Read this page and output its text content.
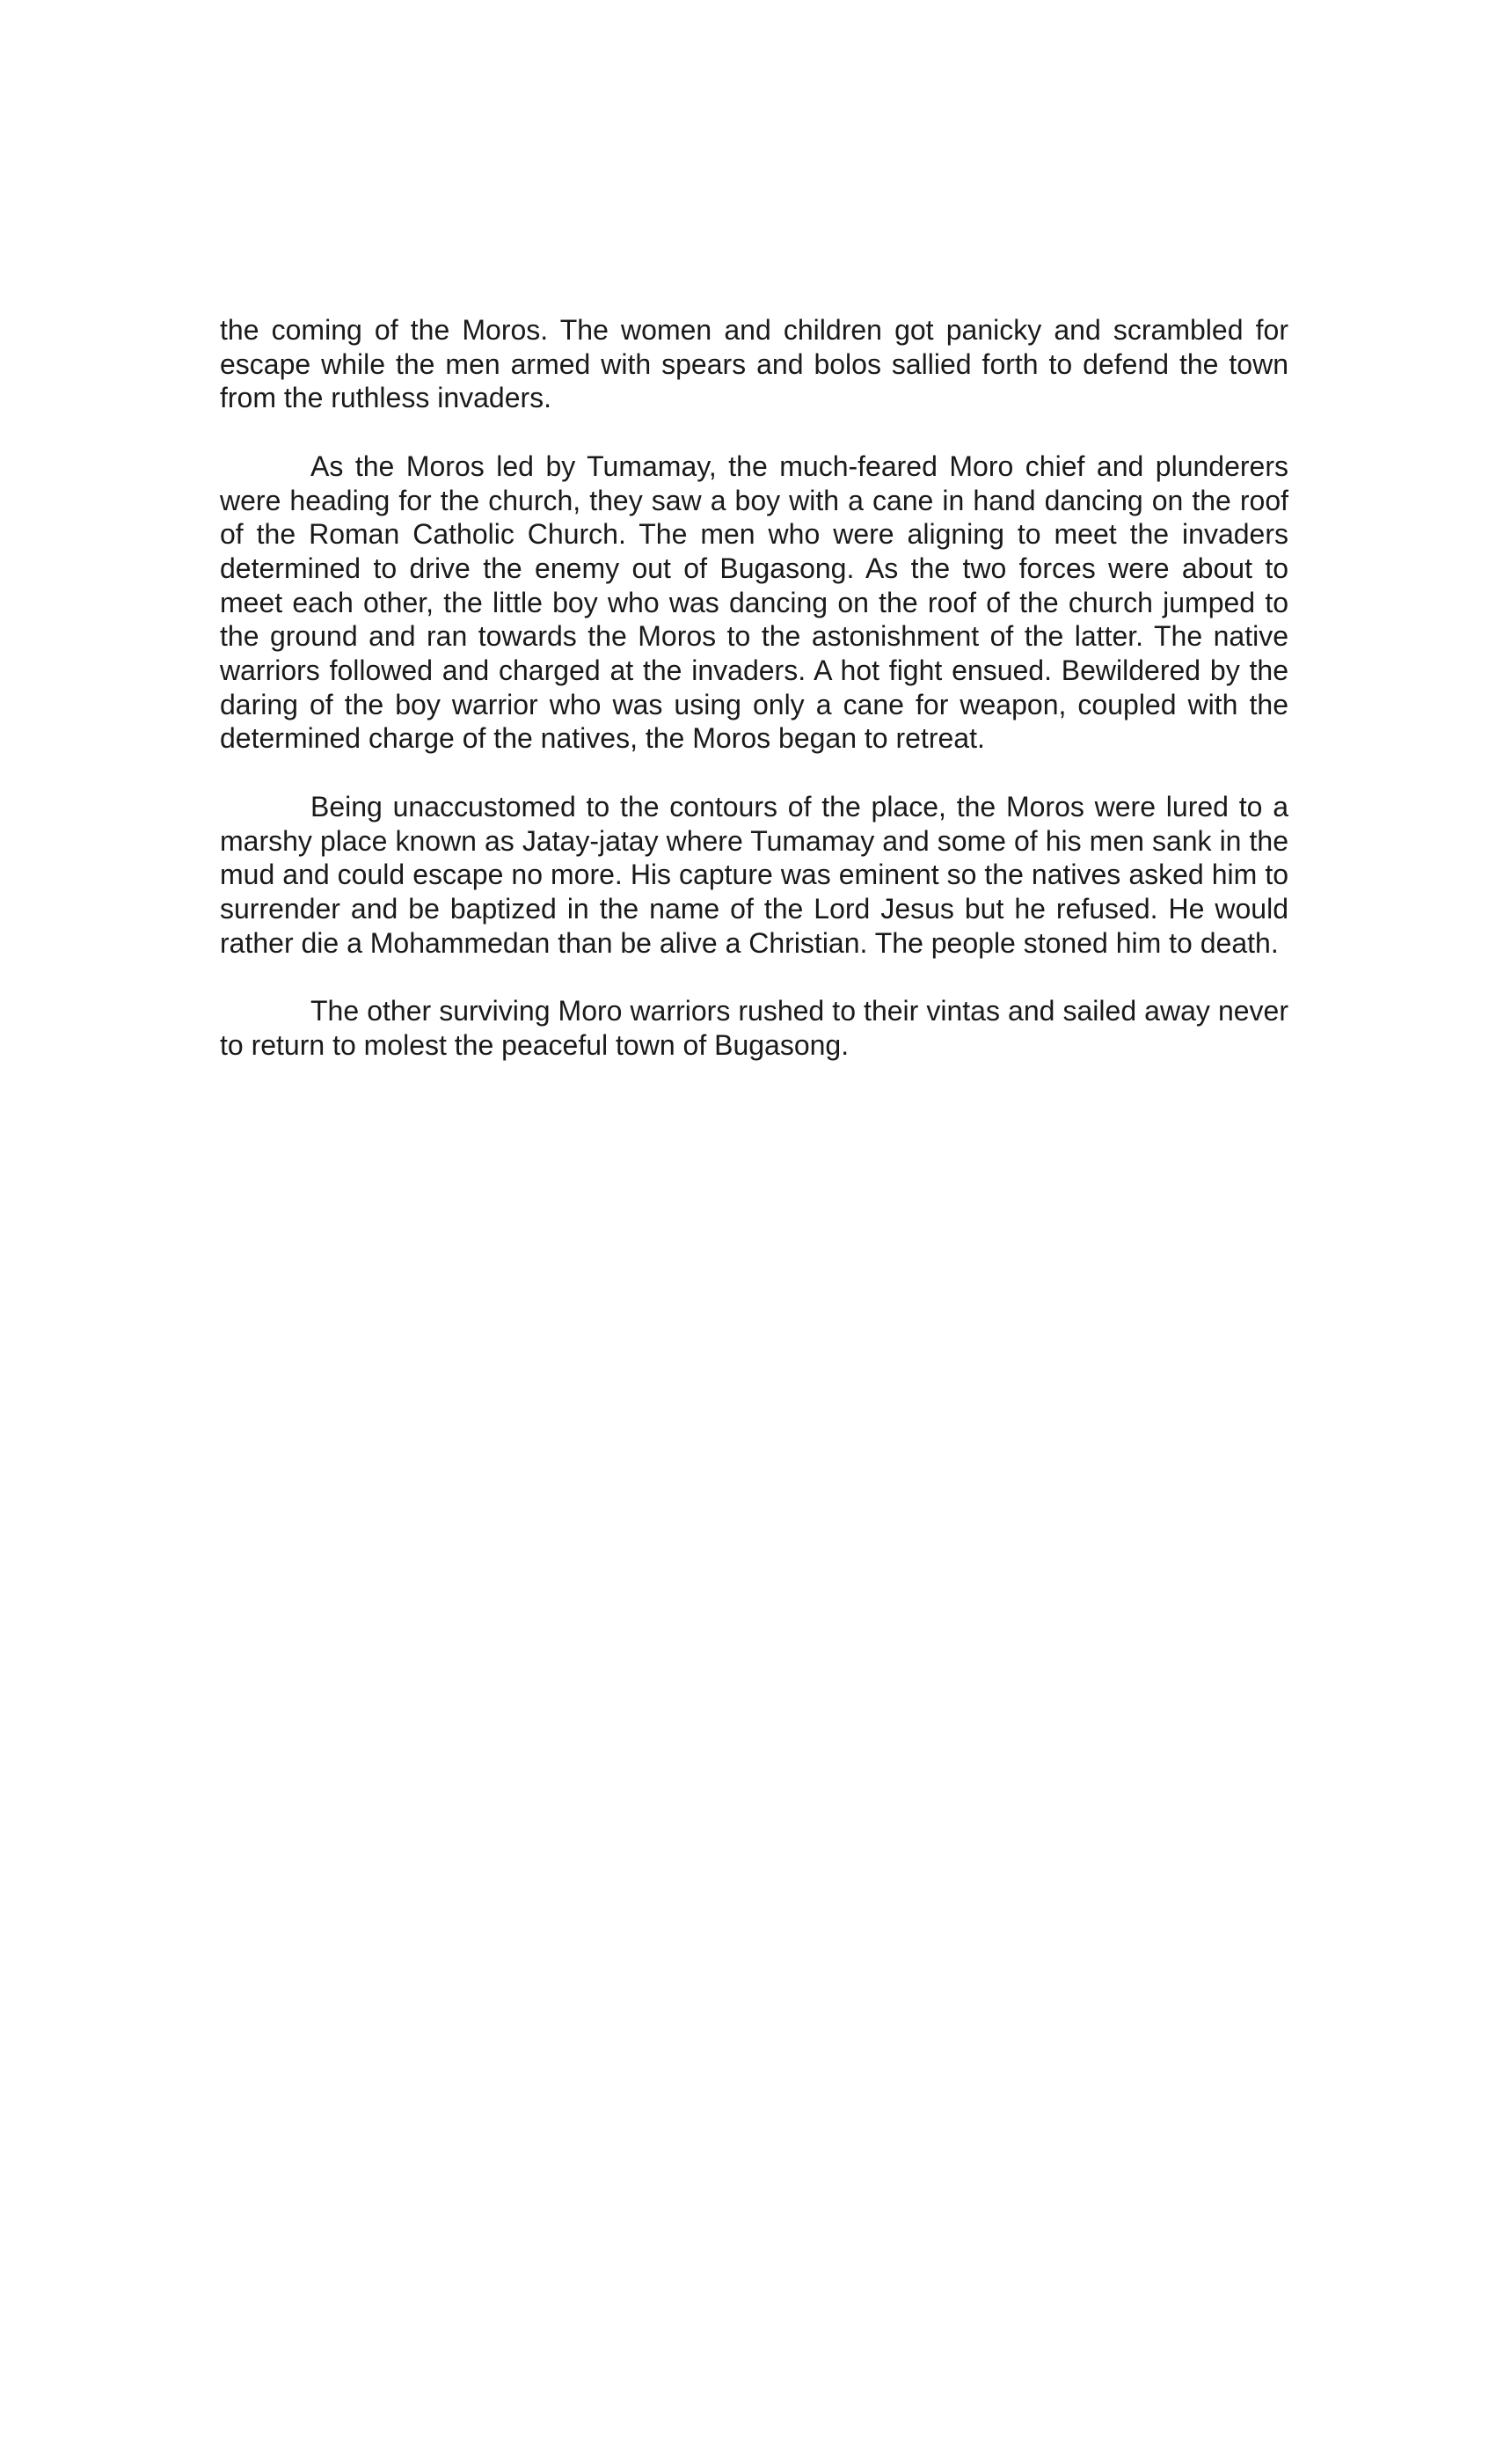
the coming of the Moros. The women and children got panicky and scrambled for escape while the men armed with spears and bolos sallied forth to defend the town from the ruthless invaders.

As the Moros led by Tumamay, the much-feared Moro chief and plunderers were heading for the church, they saw a boy with a cane in hand dancing on the roof of the Roman Catholic Church. The men who were aligning to meet the invaders determined to drive the enemy out of Bugasong. As the two forces were about to meet each other, the little boy who was dancing on the roof of the church jumped to the ground and ran towards the Moros to the astonishment of the latter. The native warriors followed and charged at the invaders. A hot fight ensued. Bewildered by the daring of the boy warrior who was using only a cane for weapon, coupled with the determined charge of the natives, the Moros began to retreat.

Being unaccustomed to the contours of the place, the Moros were lured to a marshy place known as Jatay-jatay where Tumamay and some of his men sank in the mud and could escape no more. His capture was eminent so the natives asked him to surrender and be baptized in the name of the Lord Jesus but he refused. He would rather die a Mohammedan than be alive a Christian. The people stoned him to death.

The other surviving Moro warriors rushed to their vintas and sailed away never to return to molest the peaceful town of Bugasong.
